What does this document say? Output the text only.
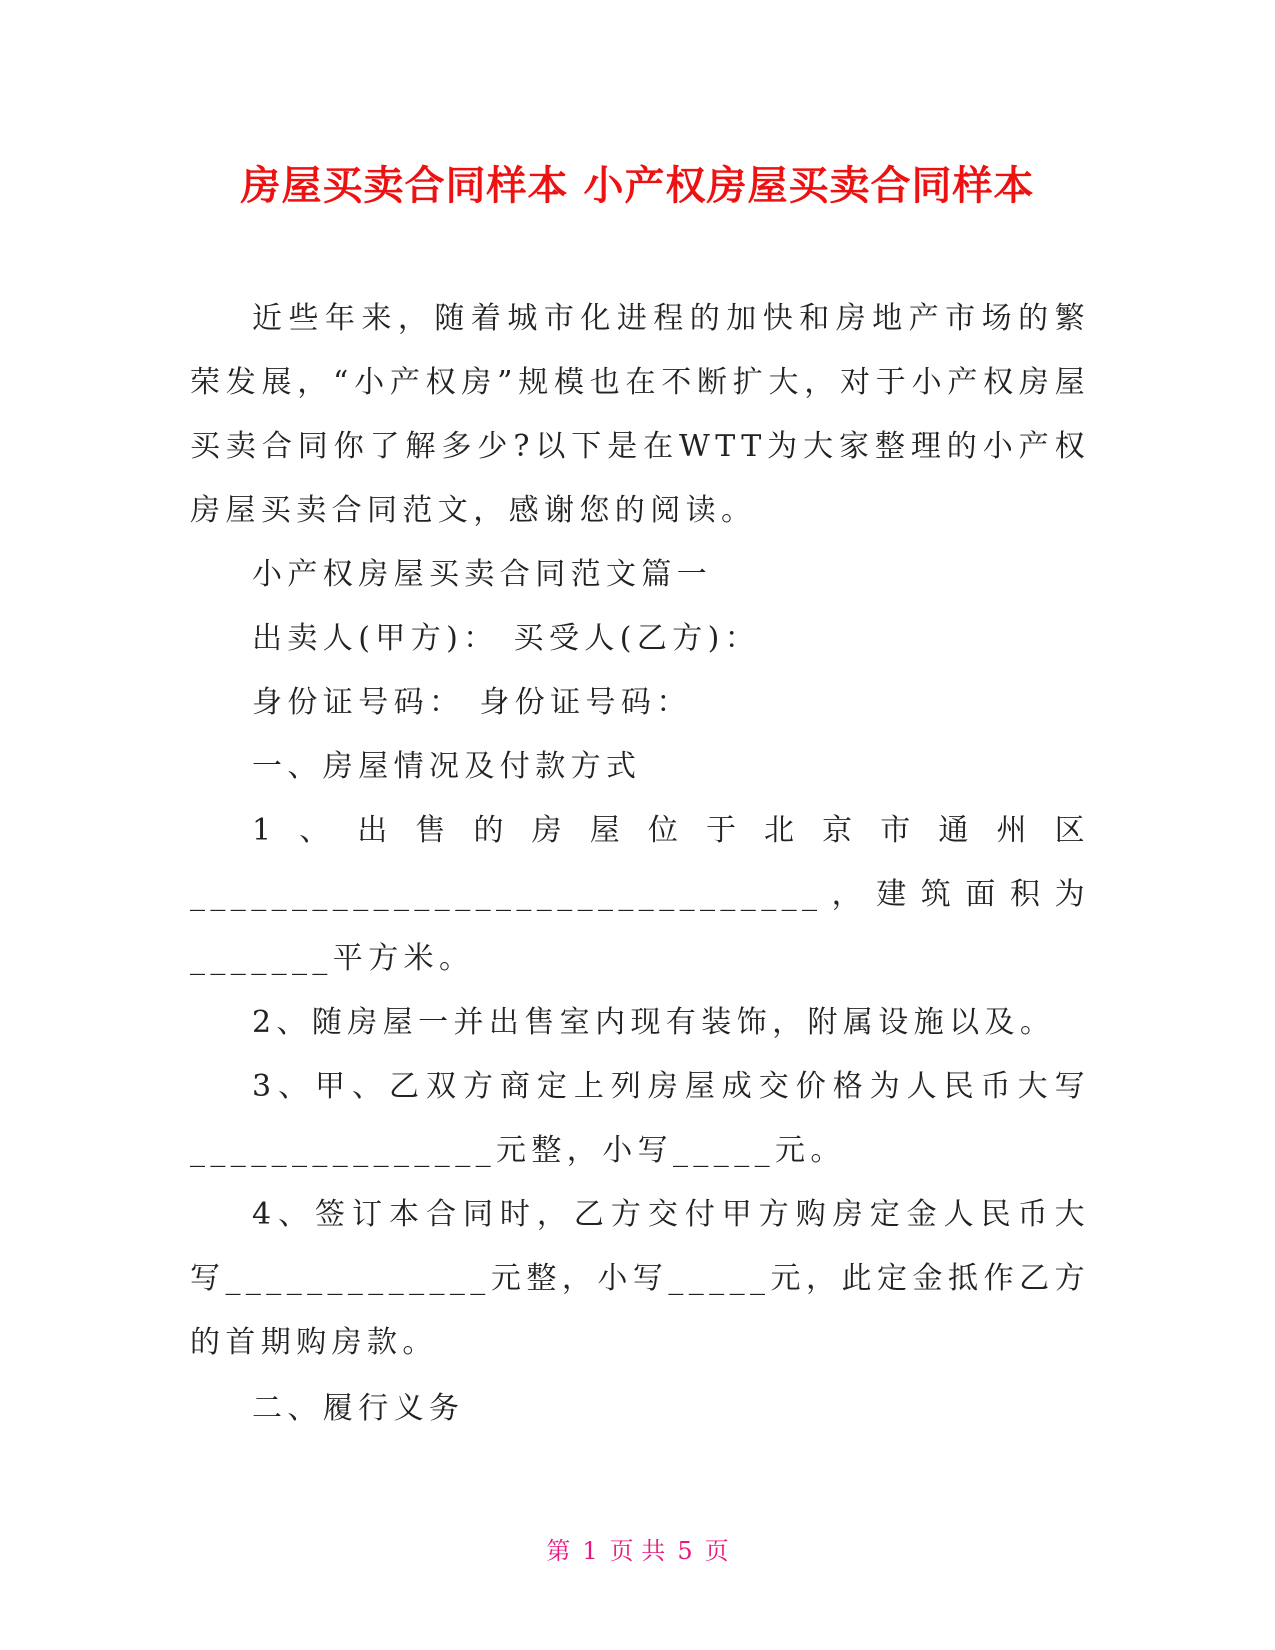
房屋买卖合同样本 小产权房屋买卖合同样本

近些年来，随着城市化进程的加快和房地产市场的繁荣发展，“小产权房”规模也在不断扩大，对于小产权房屋买卖合同你了解多少?以下是在WTT为大家整理的小产权房屋买卖合同范文，感谢您的阅读。

小产权房屋买卖合同范文篇一

出卖人(甲方)： 买受人(乙方)：

身份证号码： 身份证号码：

一、房屋情况及付款方式

1、出售的房屋位于北京市通州区_______________________________，建筑面积为_______平方米。

2、随房屋一并出售室内现有装饰，附属设施以及。

3、甲、乙双方商定上列房屋成交价格为人民币大写_______________元整，小写_____元。

4、签订本合同时，乙方交付甲方购房定金人民币大写_____________元整，小写_____元，此定金抵作乙方的首期购房款。

二、履行义务

第 1 页 共 5 页
